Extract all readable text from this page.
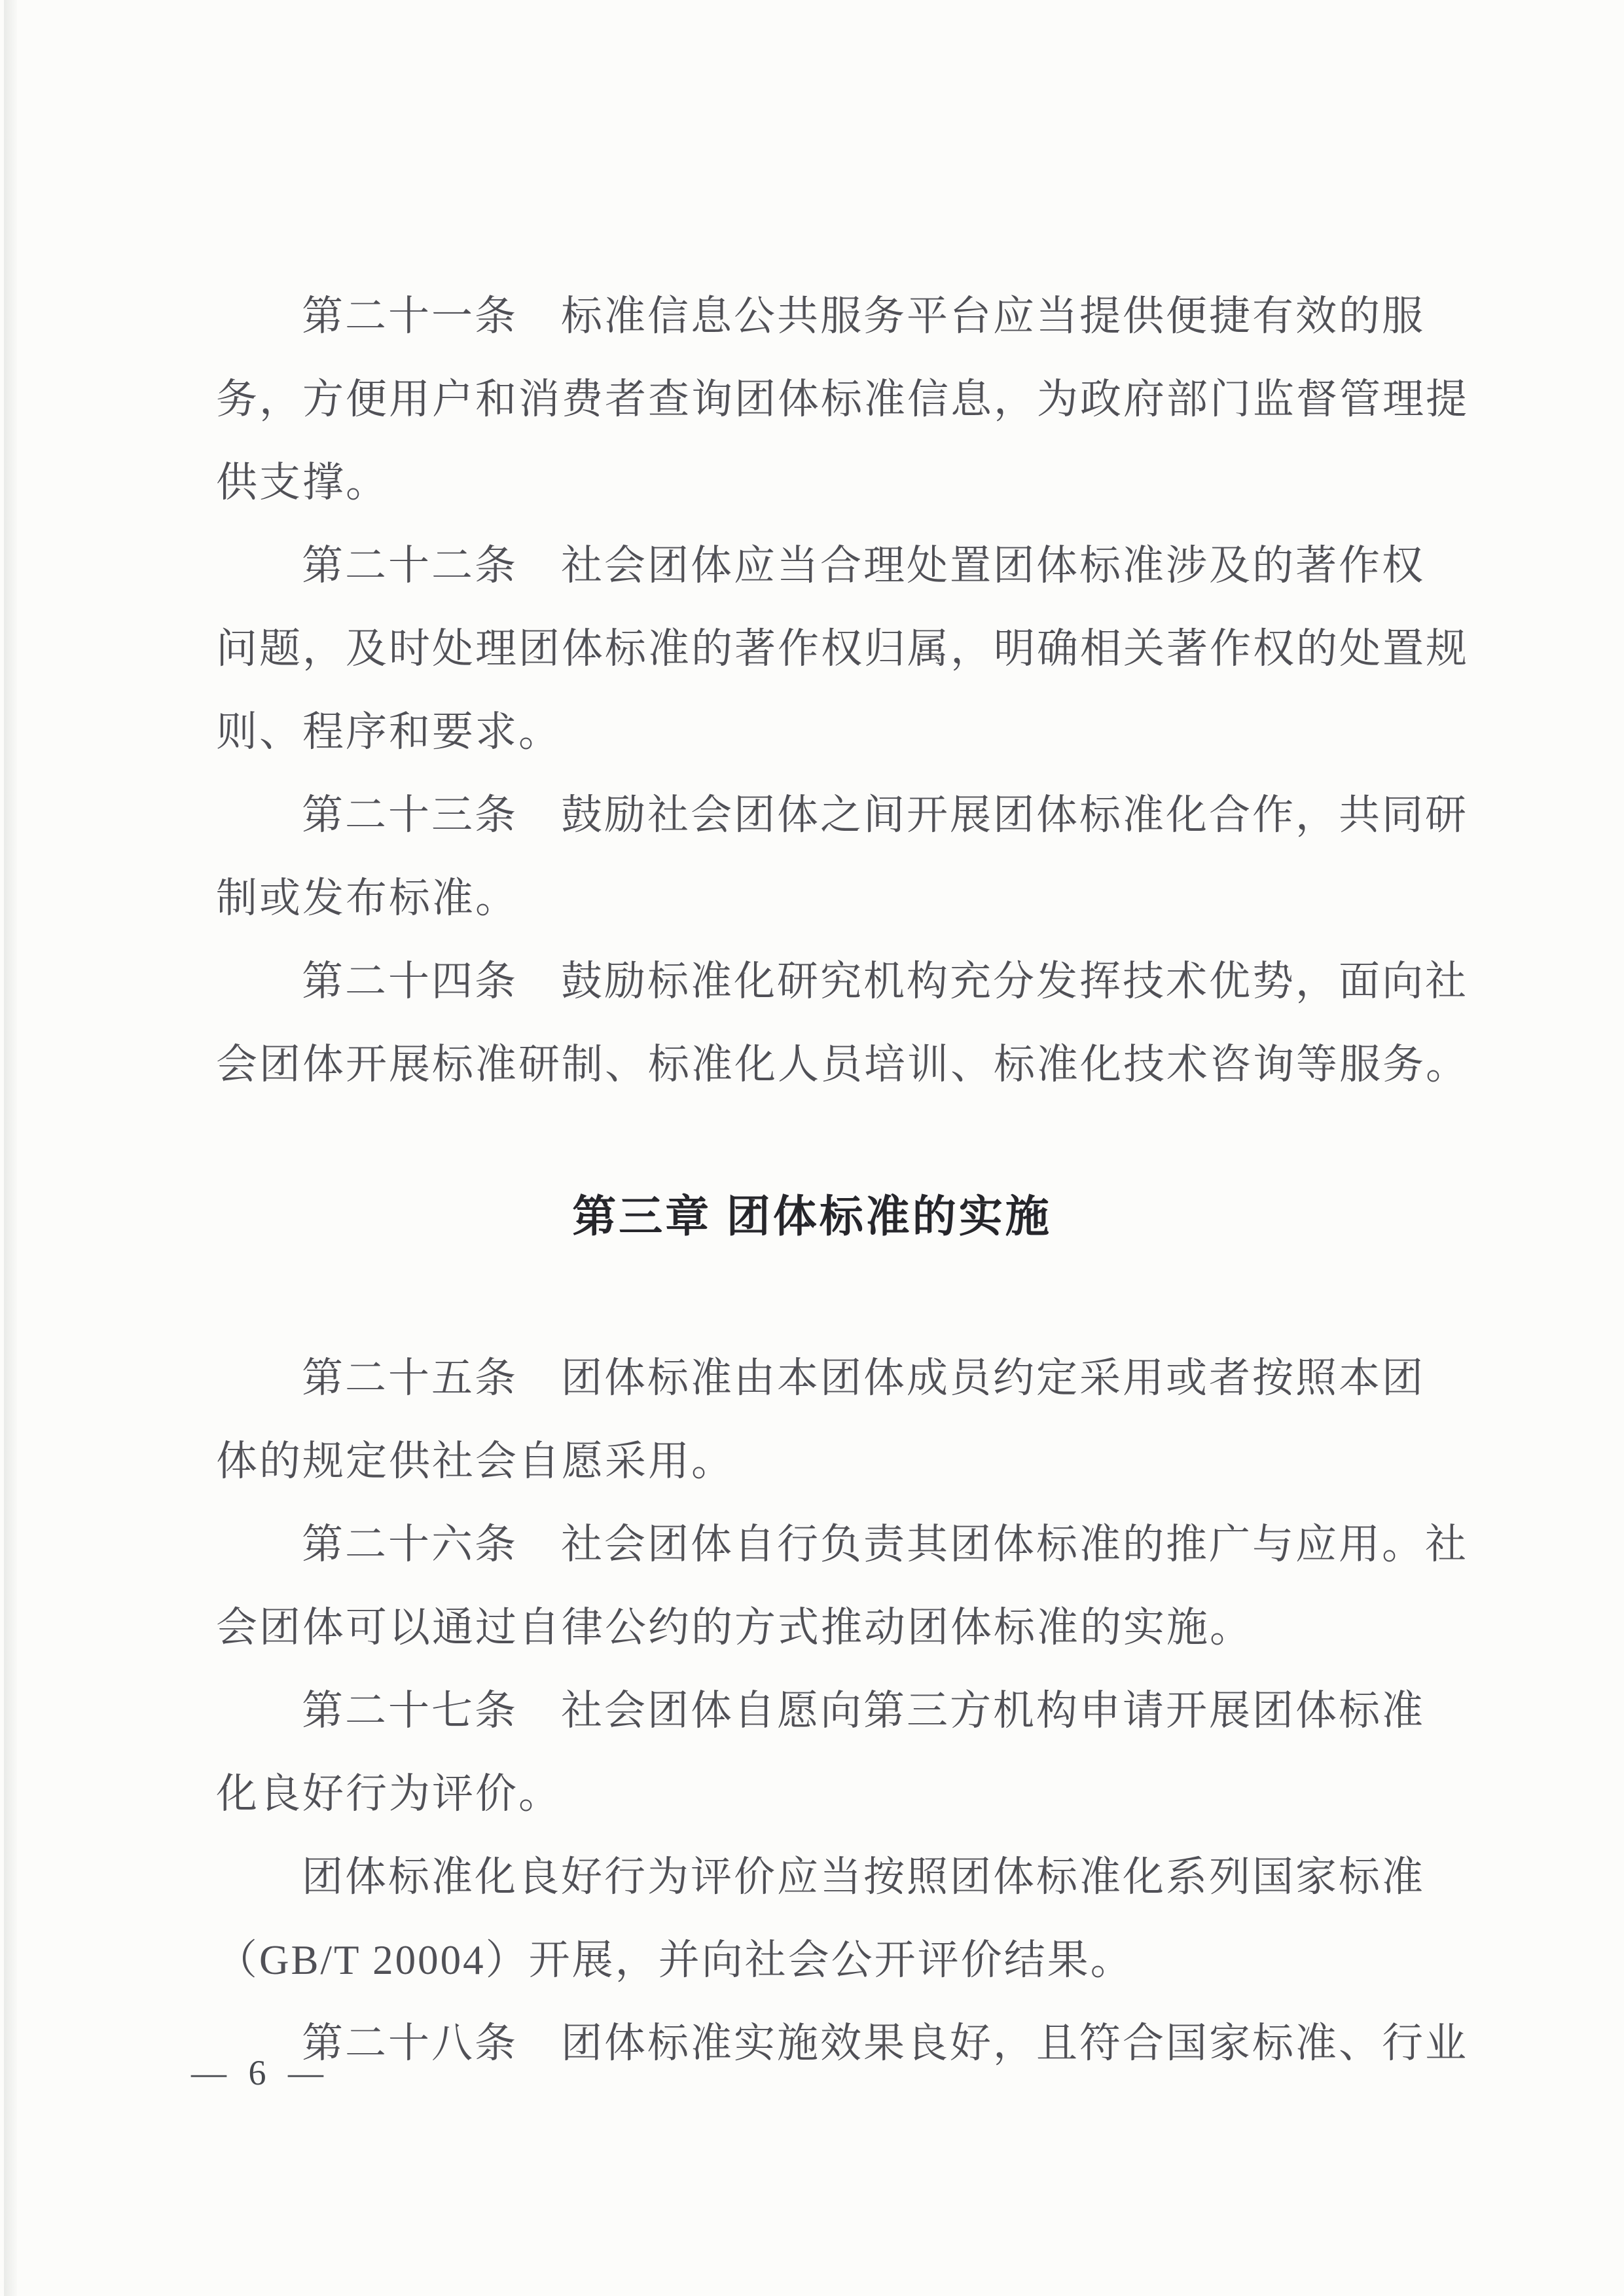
第二十一条　标准信息公共服务平台应当提供便捷有效的服
务，方便用户和消费者查询团体标准信息，为政府部门监督管理提
供支撑。
第二十二条　社会团体应当合理处置团体标准涉及的著作权
问题，及时处理团体标准的著作权归属，明确相关著作权的处置规
则、程序和要求。
第二十三条　鼓励社会团体之间开展团体标准化合作，共同研
制或发布标准。
第二十四条　鼓励标准化研究机构充分发挥技术优势，面向社
会团体开展标准研制、标准化人员培训、标准化技术咨询等服务。
第三章 团体标准的实施
第二十五条　团体标准由本团体成员约定采用或者按照本团
体的规定供社会自愿采用。
第二十六条　社会团体自行负责其团体标准的推广与应用。社
会团体可以通过自律公约的方式推动团体标准的实施。
第二十七条　社会团体自愿向第三方机构申请开展团体标准
化良好行为评价。
团体标准化良好行为评价应当按照团体标准化系列国家标准
（GB/T 20004）开展，并向社会公开评价结果。
第二十八条　团体标准实施效果良好，且符合国家标准、行业
— 6 —
